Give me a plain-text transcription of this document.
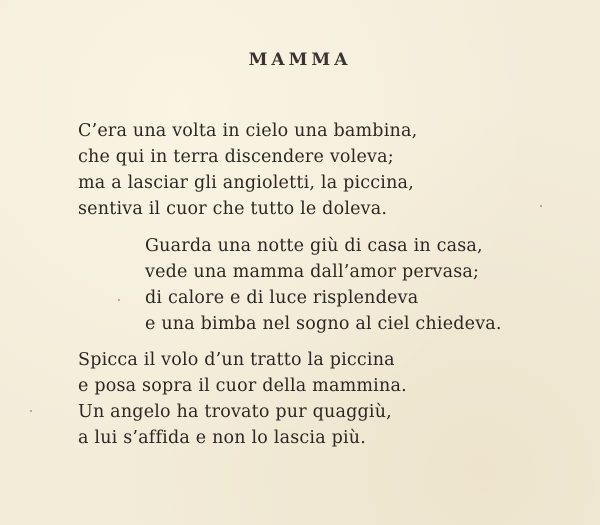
MAMMA
C’era una volta in cielo una bambina,
che qui in terra discendere voleva;
ma a lasciar gli angioletti, la piccina,
sentiva il cuor che tutto le doleva.
Guarda una notte giù di casa in casa,
vede una mamma dall’amor pervasa;
di calore e di luce risplendeva
e una bimba nel sogno al ciel chiedeva.
Spicca il volo d’un tratto la piccina
e posa sopra il cuor della mammina.
Un angelo ha trovato pur quaggiù,
a lui s’affida e non lo lascia più.
